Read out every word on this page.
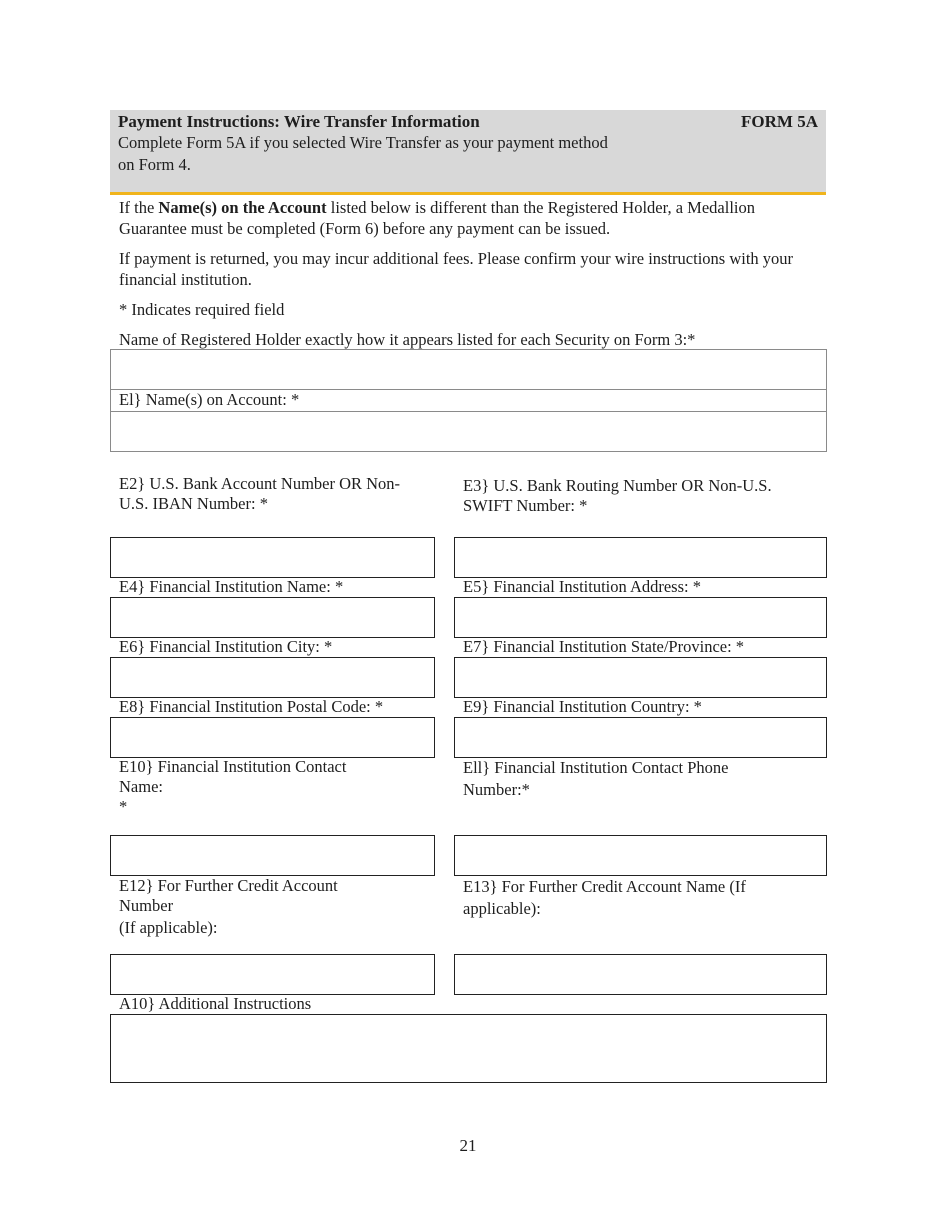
Payment Instructions: Wire Transfer Information	FORM 5A
Complete Form 5A if you selected Wire Transfer as your payment method on Form 4.
If the Name(s) on the Account listed below is different than the Registered Holder, a Medallion Guarantee must be completed (Form 6) before any payment can be issued.
If payment is returned, you may incur additional fees. Please confirm your wire instructions with your financial institution.
* Indicates required field
Name of Registered Holder exactly how it appears listed for each Security on Form 3:*
El} Name(s) on Account: *
E2} U.S. Bank Account Number OR Non-U.S. IBAN Number: *
E3} U.S. Bank Routing Number OR Non-U.S. SWIFT Number: *
E4} Financial Institution Name: *	E5} Financial Institution Address: *
E6} Financial Institution City: *	E7} Financial Institution State/Province: *
E8} Financial Institution Postal Code: *	E9} Financial Institution Country: *
E10} Financial Institution Contact
Name:
*
Ell} Financial Institution Contact Phone Number:*
E12} For Further Credit Account
Number
(If applicable):
E13} For Further Credit Account Name (If applicable):
A10} Additional Instructions
21
